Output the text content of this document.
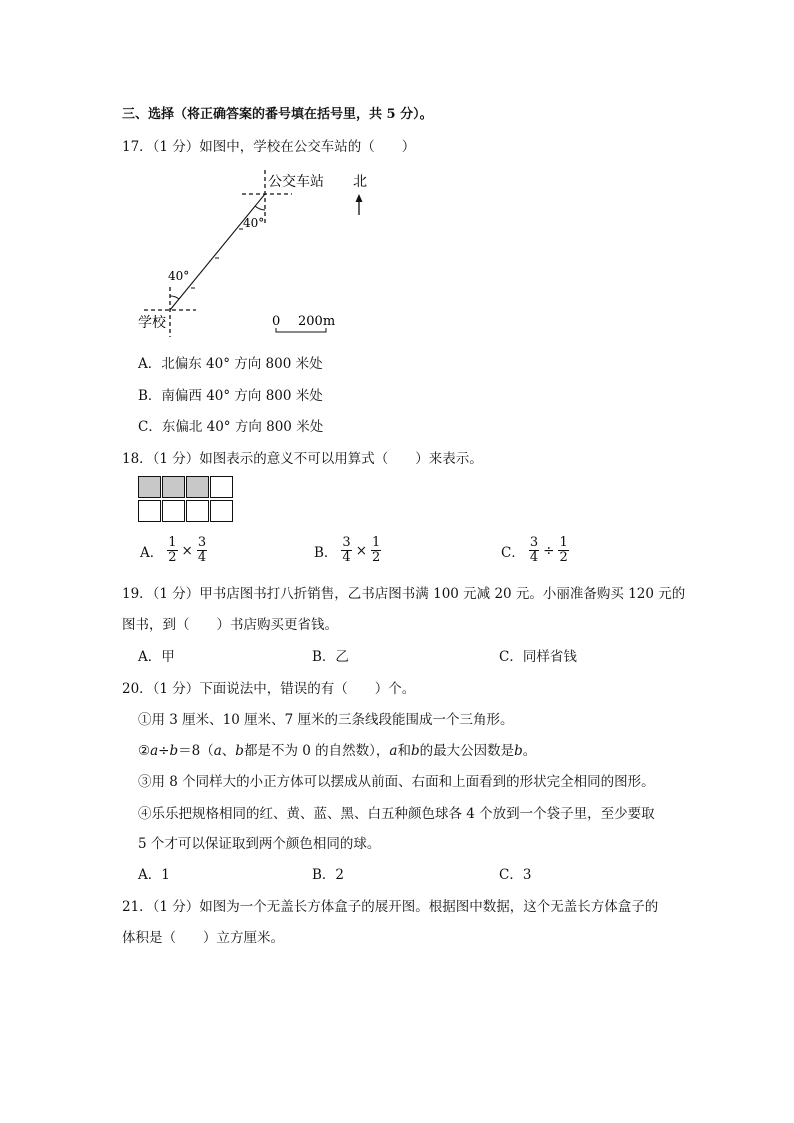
三、选择（将正确答案的番号填在括号里，共 5 分）。
17．（1 分）如图中，学校在公交车站的（　　）
公交车站
40°
40°
学校
北
0 200m
A．北偏东 40° 方向 800 米处
B．南偏西 40° 方向 800 米处
C．东偏北 40° 方向 800 米处
18．（1 分）如图表示的意义不可以用算式（　　）来表示。
A． $\frac{1}{2} \times \frac{3}{4}$	B． $\frac{3}{4} \times \frac{1}{2}$	C． $\frac{3}{4} \div \frac{1}{2}$
19．（1 分）甲书店图书打八折销售，乙书店图书满 100 元减 20 元。小丽准备购买 120 元的
图书，到（　　）书店购买更省钱。
A．甲	B．乙	C．同样省钱
20．（1 分）下面说法中，错误的有（　　）个。
①用 3 厘米、10 厘米、7 厘米的三条线段能围成一个三角形。
②a÷b＝8（a、b都是不为 0 的自然数），a和b的最大公因数是b。
③用 8 个同样大的小正方体可以摆成从前面、右面和上面看到的形状完全相同的图形。
④乐乐把规格相同的红、黄、蓝、黑、白五种颜色球各 4 个放到一个袋子里，至少要取
5 个才可以保证取到两个颜色相同的球。
A．1	B．2	C．3
21．（1 分）如图为一个无盖长方体盒子的展开图。根据图中数据，这个无盖长方体盒子的
体积是（　　）立方厘米。
